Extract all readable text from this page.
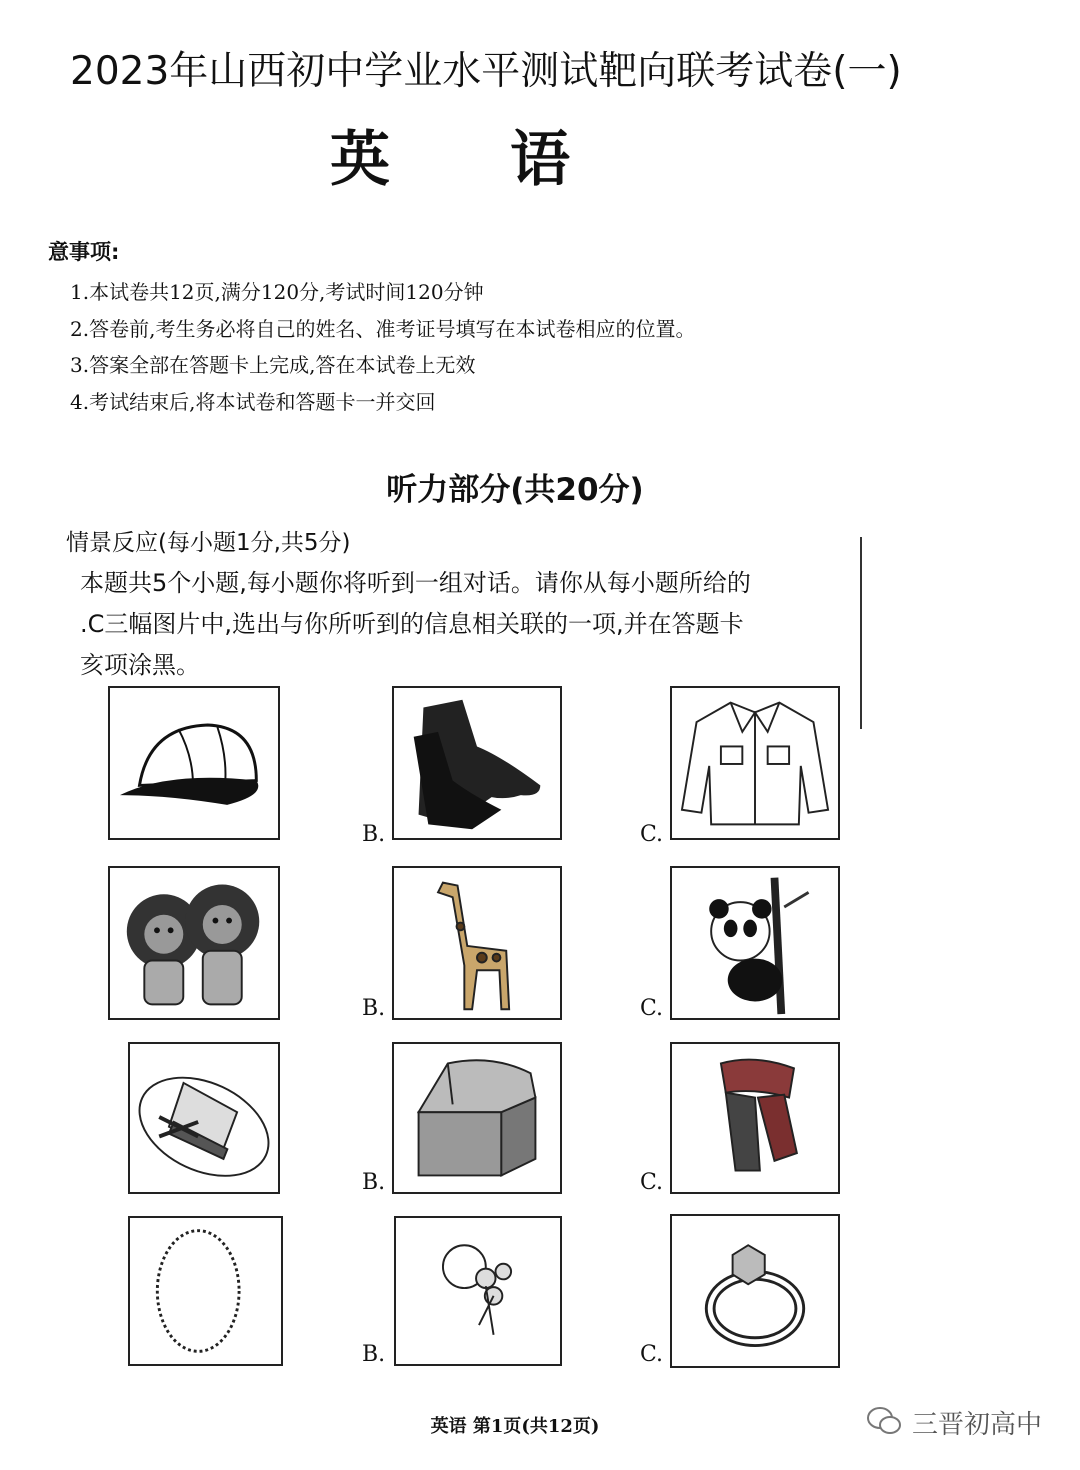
2023年山西初中学业水平测试靶向联考试卷(一)
英语
意事项:
1.本试卷共12页,满分120分,考试时间120分钟
2.答卷前,考生务必将自己的姓名、准考证号填写在本试卷相应的位置。
3.答案全部在答题卡上完成,答在本试卷上无效
4.考试结束后,将本试卷和答题卡一并交回
听力部分(共20分)
情景反应(每小题1分,共5分)
本题共5个小题,每小题你将听到一组对话。请你从每小题所给的
.C三幅图片中,选出与你所听到的信息相关联的一项,并在答题卡
亥项涂黑。
B.	C.
B.	C.
B.	C.
B.	C.
英语 第1页(共12页)	三晋初高中
